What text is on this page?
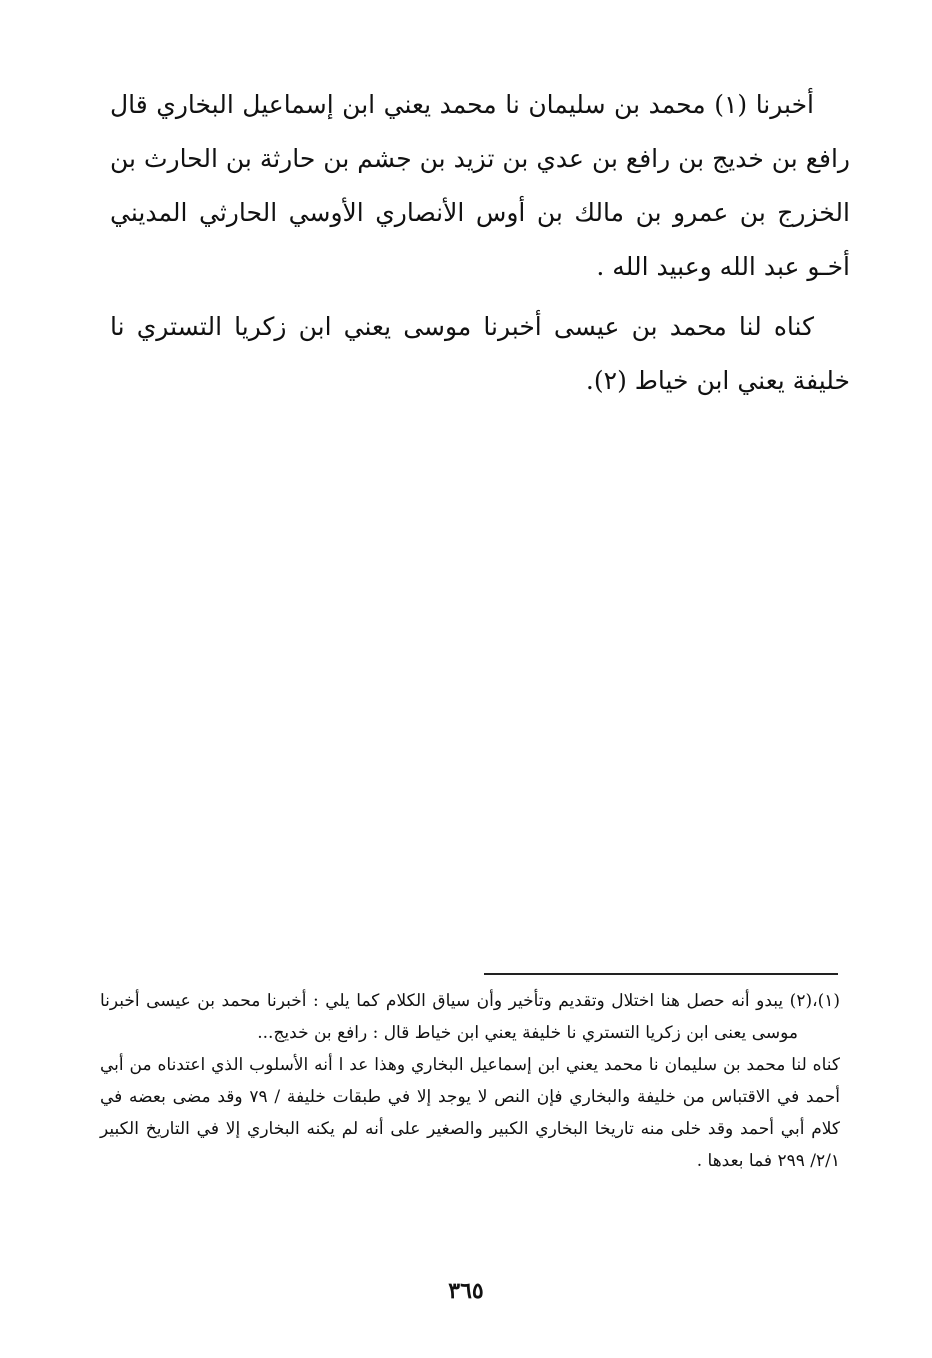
أخبرنا (١) محمد بن سليمان نا محمد يعني ابن إسماعيل البخاري قال رافع بن خديج بن رافع بن عدي بن تزيد بن جشم بن حارثة بن الحارث بن الخزرج بن عمرو بن مالك بن أوس الأنصاري الأوسي الحارثي المديني أخـو عبد الله وعبيد الله .

كناه لنا محمد بن عيسى أخبرنا موسى يعني ابن زكريا التستري نا خليفة يعني ابن خياط (٢).

(١)،(٢) يبدو أنه حصل هنا اختلال وتقديم وتأخير وأن سياق الكلام كما يلي : أخبرنا محمد بن عيسى أخبرنا موسى يعنى ابن زكريا التستري نا خليفة يعني ابن خياط قال : رافع بن خديج...

كناه لنا محمد بن سليمان نا محمد يعني ابن إسماعيل البخاري وهذا عد ا أنه الأسلوب الذي اعتدناه من أبي أحمد في الاقتباس من خليفة والبخاري فإن النص لا يوجد إلا في طبقات خليفة / ٧٩ وقد مضى بعضه في كلام أبي أحمد وقد خلى منه تاريخا البخاري الكبير والصغير على أنه لم يكنه البخاري إلا في التاريخ الكبير ٢/١/ ٢٩٩ فما بعدها .

٣٦٥
